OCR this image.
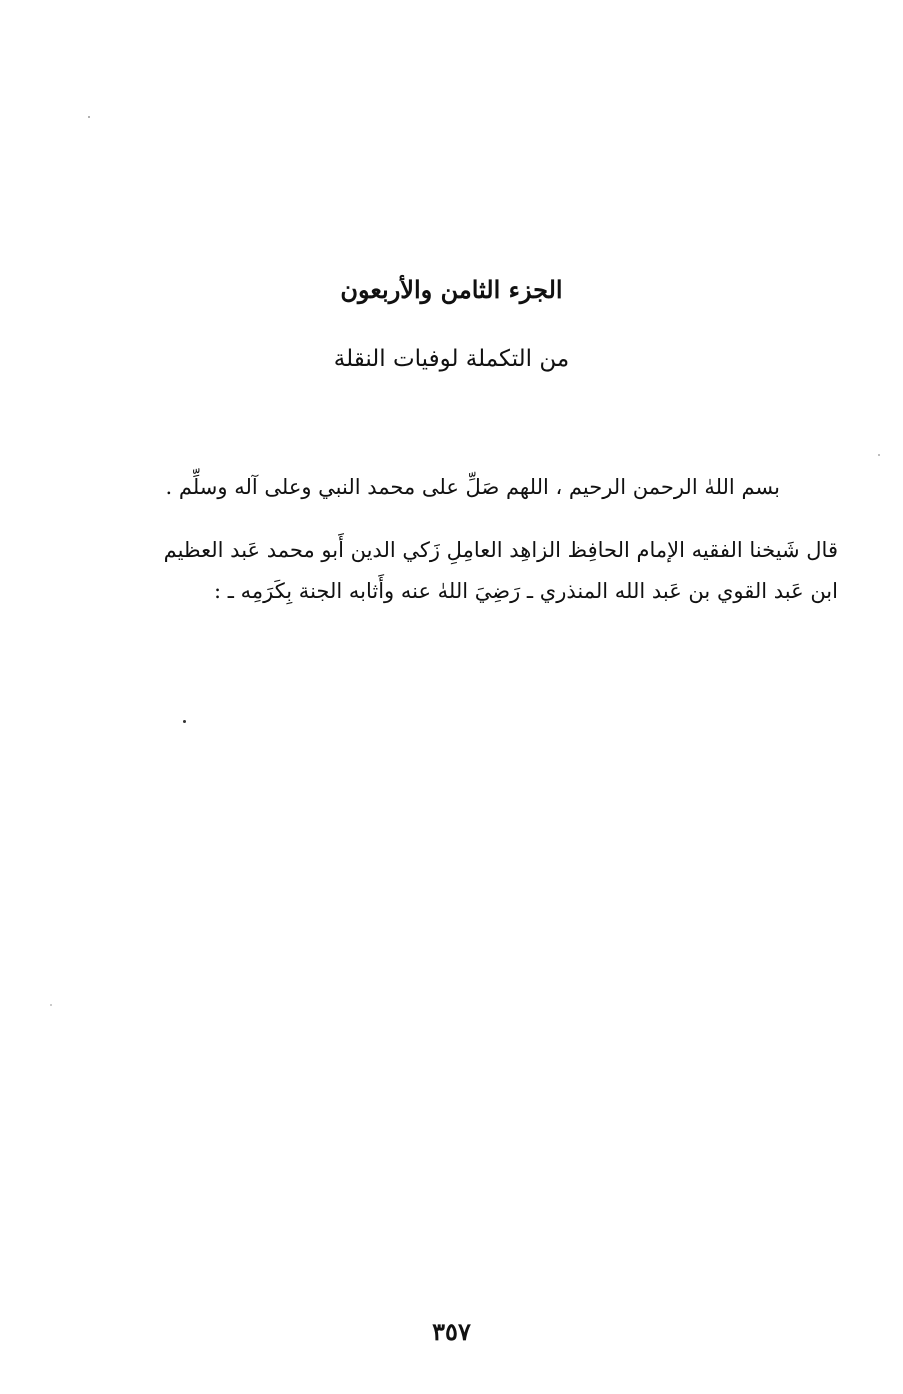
الجزء الثامن والأربعون
من التكملة لوفيات النقلة
بسم اللهٰ الرحمن الرحيم ، اللهم صَلِّ على محمد النبي وعلى آله وسلِّم .
قال شَيخنا الفقيه الإمام الحافِظ الزاهِد العامِلِ زَكي الدين أَبو محمد عَبد العظيم
ابن عَبد القوي بن عَبد الله المنذري ـ رَضِيَ اللهٰ عنه وأَثابه الجنة بِكَرَمِه ـ :
٣٥٧
